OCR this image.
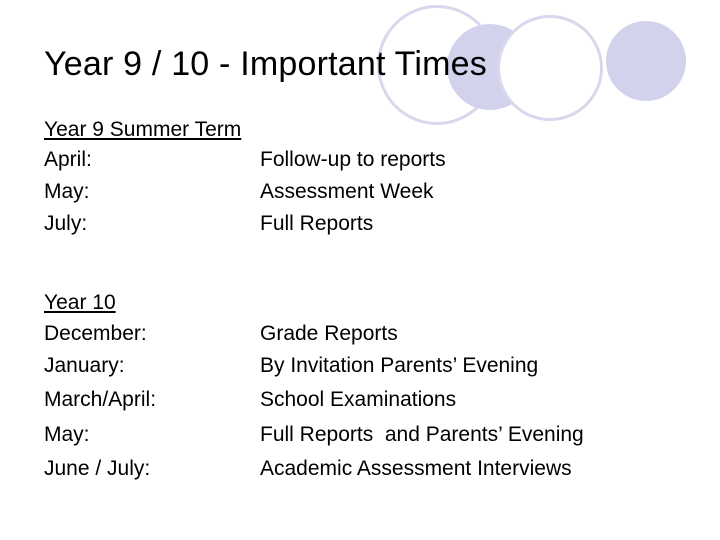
Year 9 / 10 - Important Times
Year 9 Summer Term
April:	Follow-up to reports
May:	Assessment Week
July:	Full Reports
Year 10
December:	Grade Reports
January:	By Invitation Parents’ Evening
March/April:	School Examinations
May:	Full Reports  and Parents’ Evening
June / July:	Academic Assessment Interviews
